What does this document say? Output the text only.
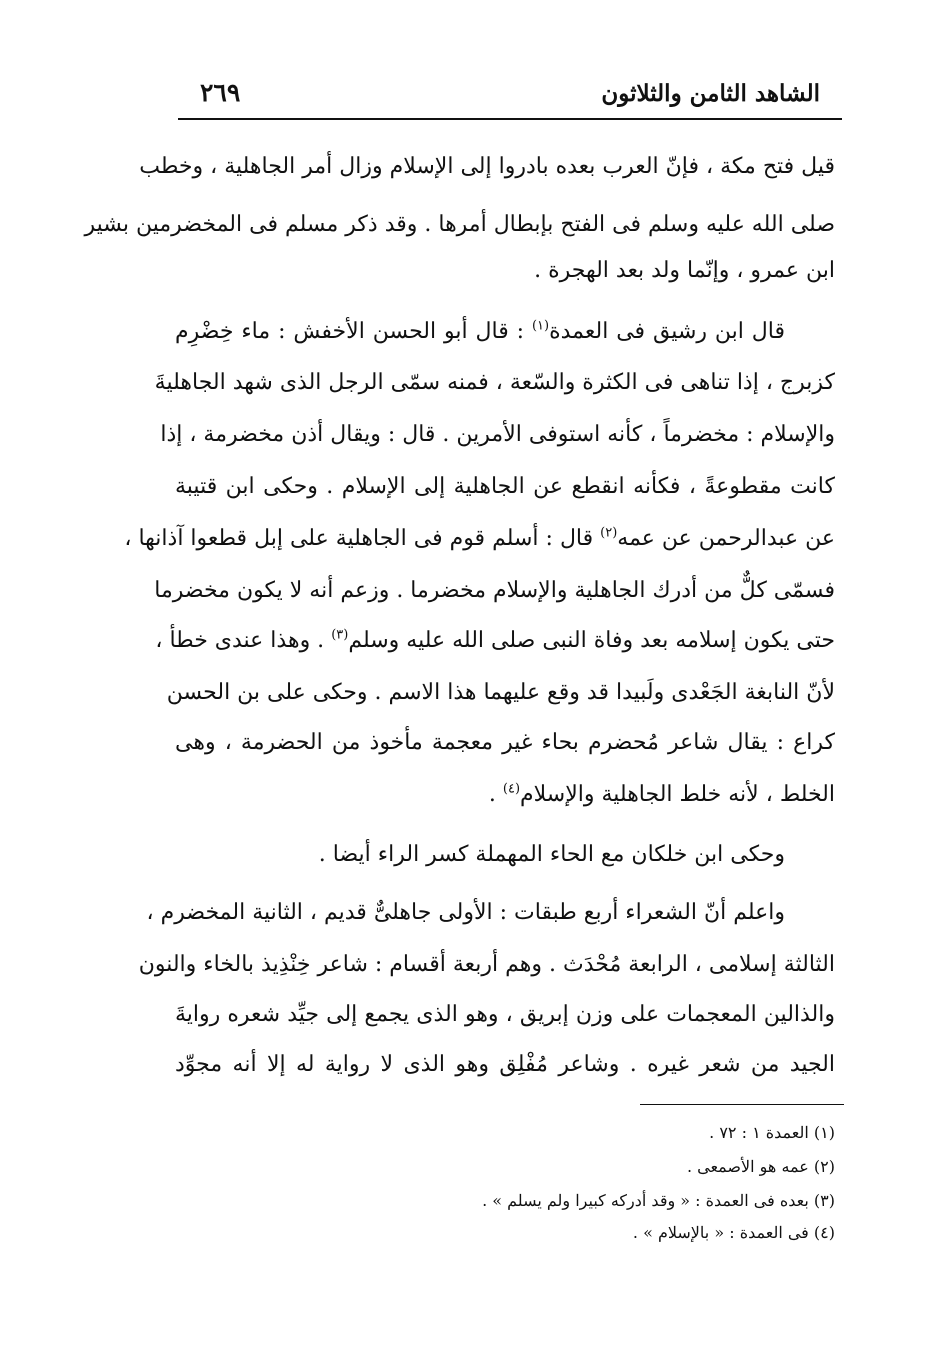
الشاهد الثامن والثلاثون
٢٦٩
قيل فتح مكة ، فإنّ العرب بعده بادروا إلى الإسلام وزال أمر الجاهلية ، وخطب
صلى الله عليه وسلم فى الفتح بإبطال أمرها . وقد ذكر مسلم فى المخضرمين بشير
ابن عمرو ، وإنّما ولد بعد الهجرة .
قال ابن رشيق فى العمدة$^{(١)}$ : قال أبو الحسن الأخفش : ماء خِضْرِم
كزبرج ، إذا تناهى فى الكثرة والسّعة ، فمنه سمّى الرجل الذى شهد الجاهليةَ
والإسلام : مخضرماً ، كأنه استوفى الأمرين . قال : ويقال أذن مخضرمة ، إذا
كانت مقطوعةً ، فكأنه انقطع عن الجاهلية إلى الإسلام . وحكى ابن قتيبة
عن عبدالرحمن عن عمه$^{(٢)}$ قال : أسلم قوم فى الجاهلية على إبل قطعوا آذانها ،
فسمّى كلٌّ من أدرك الجاهلية والإسلام مخضرما . وزعم أنه لا يكون مخضرما
حتى يكون إسلامه بعد وفاة النبى صلى الله عليه وسلم$^{(٣)}$ . وهذا عندى خطأ ،
لأنّ النابغة الجَعْدى ولَبيدا قد وقع عليهما هذا الاسم . وحكى على بن الحسن
كراع : يقال شاعر مُحضرم بحاء غير معجمة مأخوذ من الحضرمة ، وهى
الخلط ، لأنه خلط الجاهلية والإسلام$^{(٤)}$ .
وحكى ابن خلكان مع الحاء المهملة كسر الراء أيضا .
واعلم أنّ الشعراء أربع طبقات : الأولى جاهلىٌّ قديم ، الثانية المخضرم ،
الثالثة إسلامى ، الرابعة مُحْدَث . وهم أربعة أقسام : شاعر خِنْذِيذ بالخاء والنون
والذالين المعجمات على وزن إبريق ، وهو الذى يجمع إلى جيِّد شعره روايةَ
الجيد من شعر غيره . وشاعر مُفْلِق وهو الذى لا رواية له إلا أنه مجوِّد
(١) العمدة ١ : ٧٢ .
(٢) عمه هو الأصمعى .
(٣) بعده فى العمدة : « وقد أدركه كبيرا ولم يسلم » .
(٤) فى العمدة : « بالإسلام » .
